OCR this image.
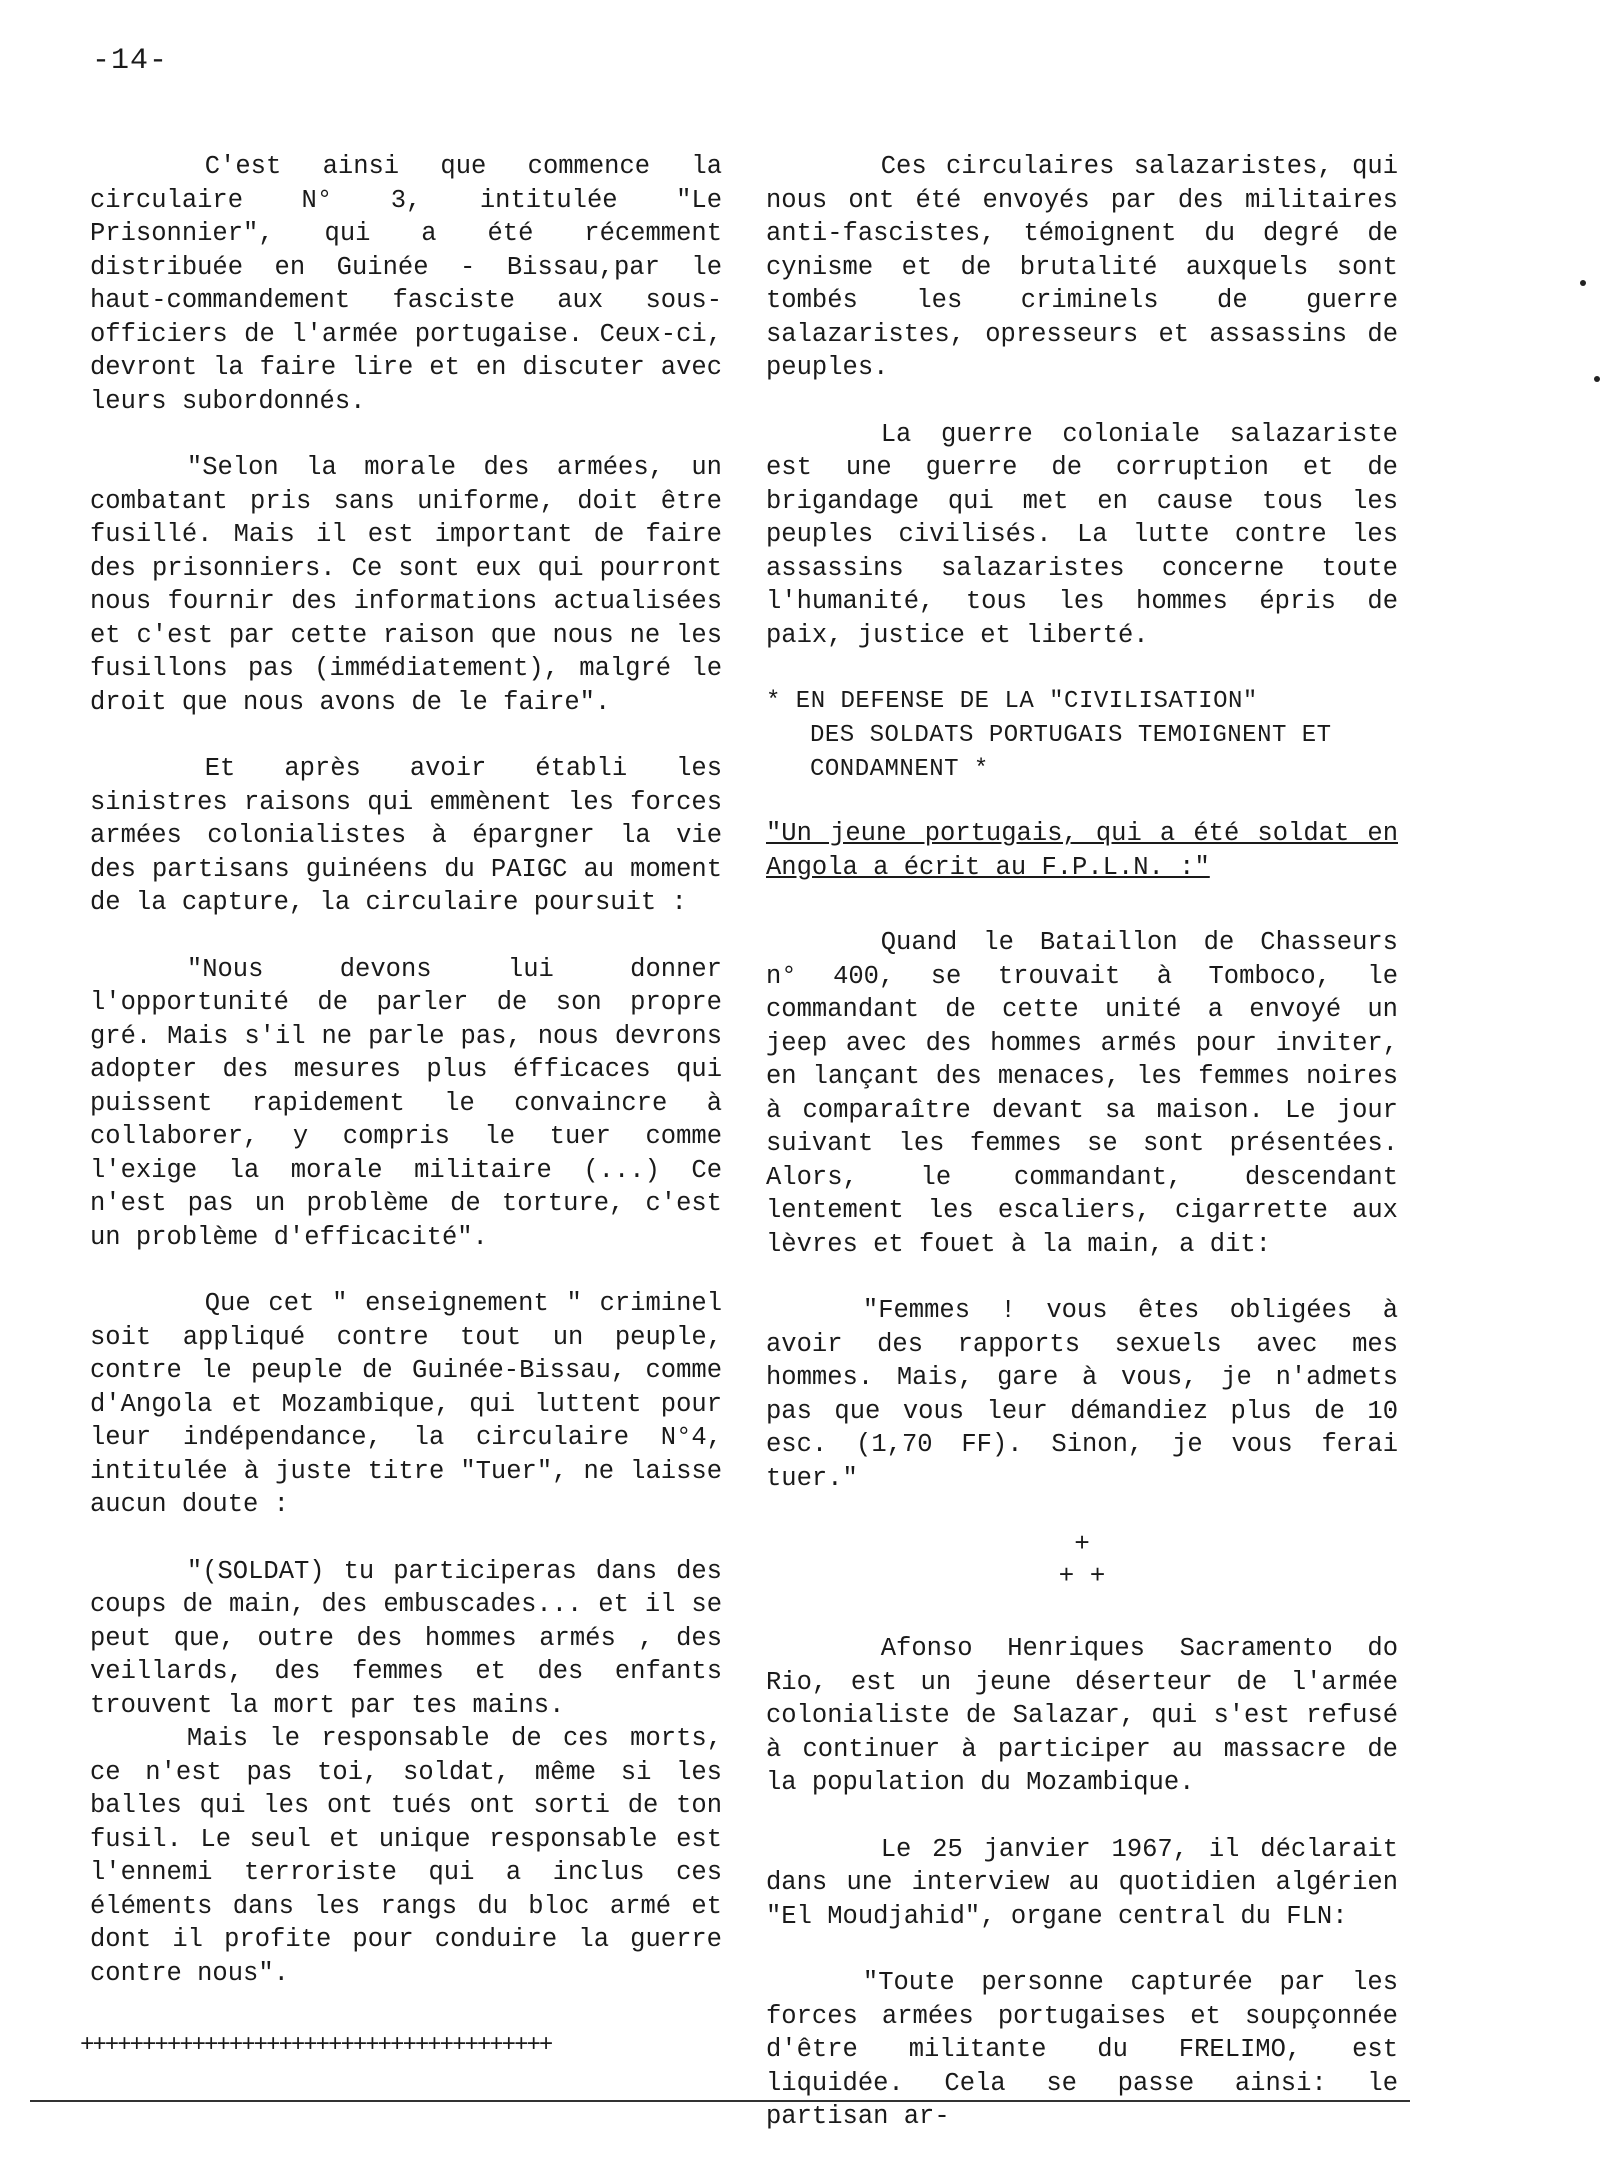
-14-

C'est ainsi que commence la circulaire N° 3, intitulée "Le Prisonnier", qui a été récemment distribuée en Guinée - Bissau,par le haut-commandement fasciste aux sous-officiers de l'armée portugaise. Ceux-ci, devront la faire lire et en discuter avec leurs subordonnés.

"Selon la morale des armées, un combatant pris sans uniforme, doit être fusillé. Mais il est important de faire des prisonniers. Ce sont eux qui pourront nous fournir des informations actualisées et c'est par cette raison que nous ne les fusillons pas (immédiatement), malgré le droit que nous avons de le faire".

Et après avoir établi les sinistres raisons qui emmènent les forces armées colonialistes à épargner la vie des partisans guinéens du PAIGC au moment de la capture, la circulaire poursuit :

"Nous devons lui donner l'opportunité de parler de son propre gré. Mais s'il ne parle pas, nous devrons adopter des mesures plus éfficaces qui puissent rapidement le convaincre à collaborer, y compris le tuer comme l'exige la morale militaire (...) Ce n'est pas un problème de torture, c'est un problème d'efficacité".

Que cet " enseignement " criminel soit appliqué contre tout un peuple, contre le peuple de Guinée-Bissau, comme d'Angola et Mozambique, qui luttent pour leur indépendance, la circulaire N°4, intitulée à juste titre "Tuer", ne laisse aucun doute :

"(SOLDAT) tu participeras dans des coups de main, des embuscades... et il se peut que, outre des hommes armés , des veillards, des femmes et des enfants trouvent la mort par tes mains.

Mais le responsable de ces morts, ce n'est pas toi, soldat, même si les balles qui les ont tués ont sorti de ton fusil. Le seul et unique responsable est l'ennemi terroriste qui a inclus ces éléments dans les rangs du bloc armé et dont il profite pour conduire la guerre contre nous".

++++++++++++++++++++++++++++++++++++++

Ces circulaires salazaristes, qui nous ont été envoyés par des militaires anti-fascistes, témoignent du degré de cynisme et de brutalité auxquels sont tombés les criminels de guerre salazaristes, opresseurs et assassins de peuples.

La guerre coloniale salazariste est une guerre de corruption et de brigandage qui met en cause tous les peuples civilisés. La lutte contre les assassins salazaristes concerne toute l'humanité, tous les hommes épris de paix, justice et liberté.

* EN DEFENSE DE LA "CIVILISATION"
DES SOLDATS PORTUGAIS TEMOIGNENT ET
CONDAMNENT *

"Un jeune portugais, qui a été soldat en Angola a écrit au F.P.L.N. :"

Quand le Bataillon de Chasseurs n° 400, se trouvait à Tomboco, le commandant de cette unité a envoyé un jeep avec des hommes armés pour inviter, en lançant des menaces, les femmes noires à comparaître devant sa maison. Le jour suivant les femmes se sont présentées. Alors, le commandant, descendant lentement les escaliers, cigarrette aux lèvres et fouet à la main, a dit:

"Femmes ! vous êtes obligées à avoir des rapports sexuels avec mes hommes. Mais, gare à vous, je n'admets pas que vous leur démandiez plus de 10 esc. (1,70 FF). Sinon, je vous ferai tuer."

+
+ +

Afonso Henriques Sacramento do Rio, est un jeune déserteur de l'armée colonialiste de Salazar, qui s'est refusé à continuer à participer au massacre de la population du Mozambique.

Le 25 janvier 1967, il déclarait dans une interview au quotidien algérien "El Moudjahid", organe central du FLN:

"Toute personne capturée par les forces armées portugaises et soupçonnée d'être militante du FRELIMO, est liquidée. Cela se passe ainsi: le partisan ar-
